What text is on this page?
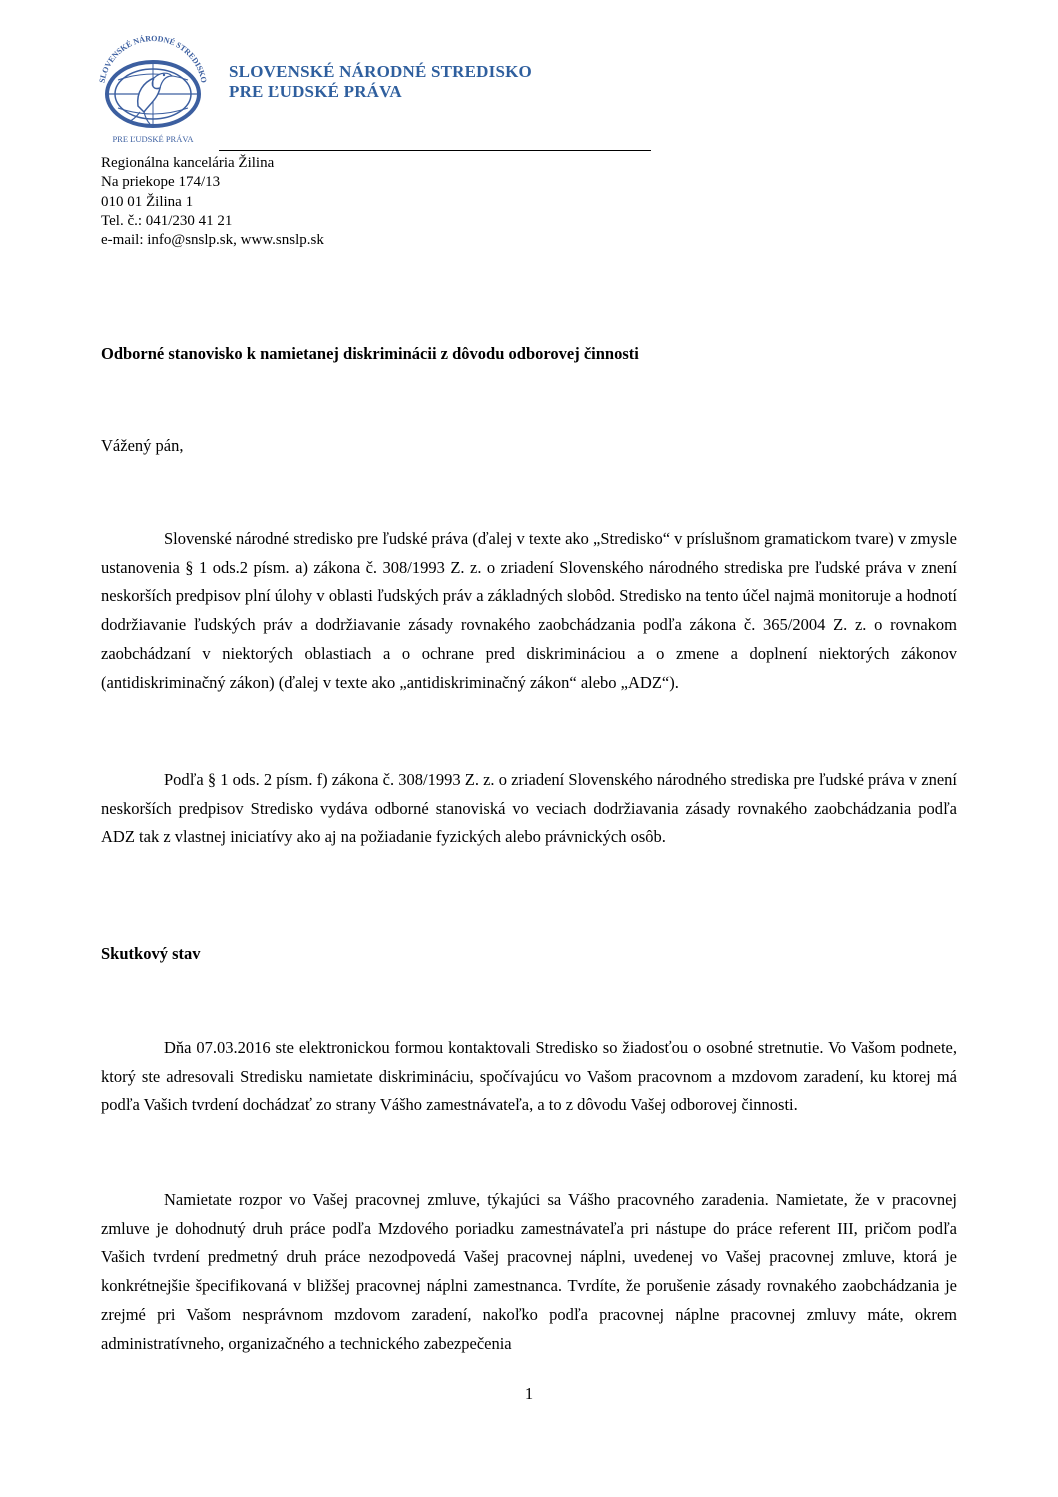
SLOVENSKÉ NÁRODNÉ STREDISKO
PRE ĽUDSKÉ PRÁVA
SLOVENSKÉ NÁRODNÉ STREDISKO
PRE ĽUDSKÉ PRÁVA
Regionálna kancelária Žilina
Na priekope 174/13
010 01 Žilina 1
Tel. č.: 041/230 41 21
e-mail: info@snslp.sk, www.snslp.sk
Odborné stanovisko k namietanej diskriminácii z dôvodu odborovej činnosti
Vážený pán,

Slovenské národné stredisko pre ľudské práva (ďalej v texte ako „Stredisko“ v príslušnom gramatickom tvare) v zmysle ustanovenia § 1 ods.2 písm. a) zákona č. 308/1993 Z. z. o zriadení Slovenského národného strediska pre ľudské práva v znení neskorších predpisov plní úlohy v oblasti ľudských práv a základných slobôd. Stredisko na tento účel najmä monitoruje a hodnotí dodržiavanie ľudských práv a dodržiavanie zásady rovnakého zaobchádzania podľa zákona č. 365/2004 Z. z. o rovnakom zaobchádzaní v niektorých oblastiach a o ochrane pred diskrimináciou a o zmene a doplnení niektorých zákonov (antidiskriminačný zákon) (ďalej v texte ako „antidiskriminačný zákon“ alebo „ADZ“).

Podľa § 1 ods. 2 písm. f) zákona č. 308/1993 Z. z. o zriadení Slovenského národného strediska pre ľudské práva v znení neskorších predpisov Stredisko vydáva odborné stanoviská vo veciach dodržiavania zásady rovnakého zaobchádzania podľa ADZ tak z vlastnej iniciatívy ako aj na požiadanie fyzických alebo právnických osôb.

Skutkový stav

Dňa 07.03.2016 ste elektronickou formou kontaktovali Stredisko so žiadosťou o osobné stretnutie. Vo Vašom podnete, ktorý ste adresovali Stredisku namietate diskrimináciu, spočívajúcu vo Vašom pracovnom a mzdovom zaradení, ku ktorej má podľa Vašich tvrdení dochádzať zo strany Vášho zamestnávateľa, a to z dôvodu Vašej odborovej činnosti.

Namietate rozpor vo Vašej pracovnej zmluve, týkajúci sa Vášho pracovného zaradenia. Namietate, že v pracovnej zmluve je dohodnutý druh práce podľa Mzdového poriadku zamestnávateľa pri nástupe do práce referent III, pričom podľa Vašich tvrdení predmetný druh práce nezodpovedá Vašej pracovnej náplni, uvedenej vo Vašej pracovnej zmluve, ktorá je konkrétnejšie špecifikovaná v bližšej pracovnej náplni zamestnanca. Tvrdíte, že porušenie zásady rovnakého zaobchádzania je zrejmé pri Vašom nesprávnom mzdovom zaradení, nakoľko podľa pracovnej náplne pracovnej zmluvy máte, okrem administratívneho, organizačného a technického zabezpečenia

1
